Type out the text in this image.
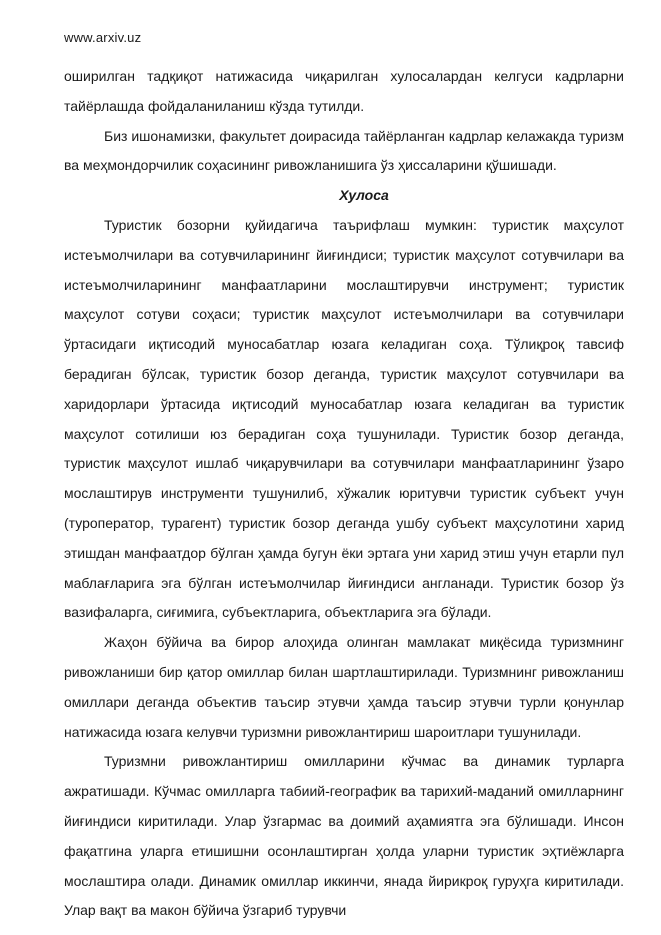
www.arxiv.uz

оширилган тадқиқот натижасида чиқарилган хулосалардан келгуси кадрларни тайёрлашда фойдаланиланиш кўзда тутилди.

Биз ишонамизки, факультет доирасида тайёрланган кадрлар келажакда туризм ва меҳмондорчилик соҳасининг ривожланишига ўз ҳиссаларини қўшишади.

Хулоса

Туристик бозорни қуйидагича таърифлаш мумкин: туристик маҳсулот истеъмолчилари ва сотувчиларининг йиғиндиси; туристик маҳсулот сотувчилари ва истеъмолчиларининг манфаатларини мослаштирувчи инструмент; туристик маҳсулот сотуви соҳаси; туристик маҳсулот истеъмолчилари ва сотувчилари ўртасидаги иқтисодий муносабатлар юзага келадиган соҳа. Тўлиқроқ тавсиф берадиган бўлсак, туристик бозор деганда, туристик маҳсулот сотувчилари ва харидорлари ўртасида иқтисодий муносабатлар юзага келадиган ва туристик маҳсулот сотилиши юз берадиган соҳа тушунилади. Туристик бозор деганда, туристик маҳсулот ишлаб чиқарувчилари ва сотувчилари манфаатларининг ўзаро мослаштирув инструменти тушунилиб, хўжалик юритувчи туристик субъект учун (туроператор, турагент) туристик бозор деганда ушбу субъект маҳсулотини харид этишдан манфаатдор бўлган ҳамда бугун ёки эртага уни харид этиш учун етарли пул маблағларига эга бўлган истеъмолчилар йиғиндиси англанади. Туристик бозор ўз вазифаларга, сиғимига, субъектларига, объектларига эга бўлади.

Жаҳон бўйича ва бирор алоҳида олинган мамлакат миқёсида туризмнинг ривожланиши бир қатор омиллар билан шартлаштирилади. Туризмнинг ривожланиш омиллари деганда объектив таъсир этувчи ҳамда таъсир этувчи турли қонунлар натижасида юзага келувчи туризмни ривожлантириш шароитлари тушунилади.

Туризмни ривожлантириш омилларини кўчмас ва динамик турларга ажратишади. Кўчмас омилларга табиий-географик ва тарихий-маданий омилларнинг йиғиндиси киритилади. Улар ўзгармас ва доимий аҳамиятга эга бўлишади. Инсон фақатгина уларга етишишни осонлаштирган ҳолда уларни туристик эҳтиёжларга мослаштира олади. Динамик омиллар иккинчи, янада йирикроқ гуруҳга киритилади. Улар вақт ва макон бўйича ўзгариб турувчи
